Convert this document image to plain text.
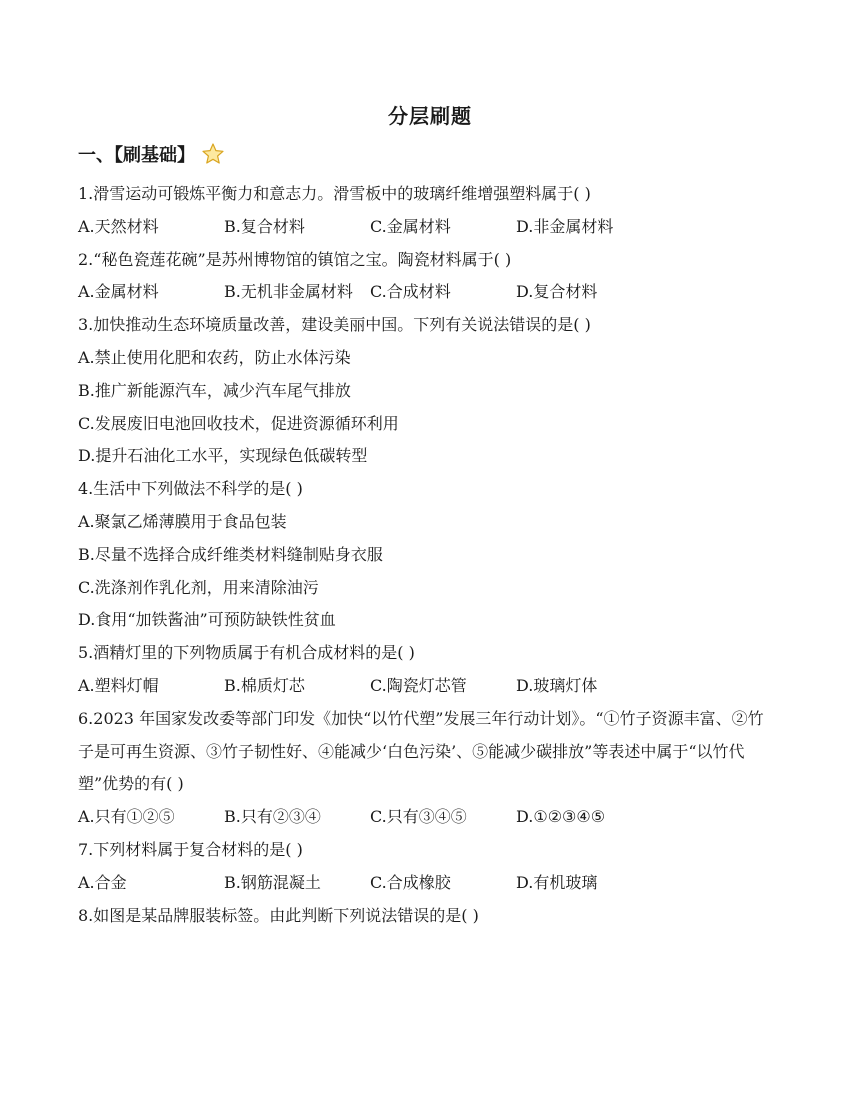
分层刷题
一、【刷基础】
1.滑雪运动可锻炼平衡力和意志力。滑雪板中的玻璃纤维增强塑料属于( )
A.天然材料	B.复合材料	C.金属材料	D.非金属材料
2.“秘色瓷莲花碗”是苏州博物馆的镇馆之宝。陶瓷材料属于( )
A.金属材料	B.无机非金属材料	C.合成材料	D.复合材料
3.加快推动生态环境质量改善，建设美丽中国。下列有关说法错误的是( )
A.禁止使用化肥和农药，防止水体污染
B.推广新能源汽车，减少汽车尾气排放
C.发展废旧电池回收技术，促进资源循环利用
D.提升石油化工水平，实现绿色低碳转型
4.生活中下列做法不科学的是( )
A.聚氯乙烯薄膜用于食品包装
B.尽量不选择合成纤维类材料缝制贴身衣服
C.洗涤剂作乳化剂，用来清除油污
D.食用“加铁酱油”可预防缺铁性贫血
5.酒精灯里的下列物质属于有机合成材料的是( )
A.塑料灯帽	B.棉质灯芯	C.陶瓷灯芯管	D.玻璃灯体
6.2023 年国家发改委等部门印发《加快“以竹代塑”发展三年行动计划》。“①竹子资源丰富、②竹
子是可再生资源、③竹子韧性好、④能减少‘白色污染’、⑤能减少碳排放”等表述中属于“以竹代
塑”优势的有( )
A.只有①②⑤	B.只有②③④	C.只有③④⑤	D.①②③④⑤
7.下列材料属于复合材料的是( )
A.合金	B.钢筋混凝土	C.合成橡胶	D.有机玻璃
8.如图是某品牌服装标签。由此判断下列说法错误的是( )
